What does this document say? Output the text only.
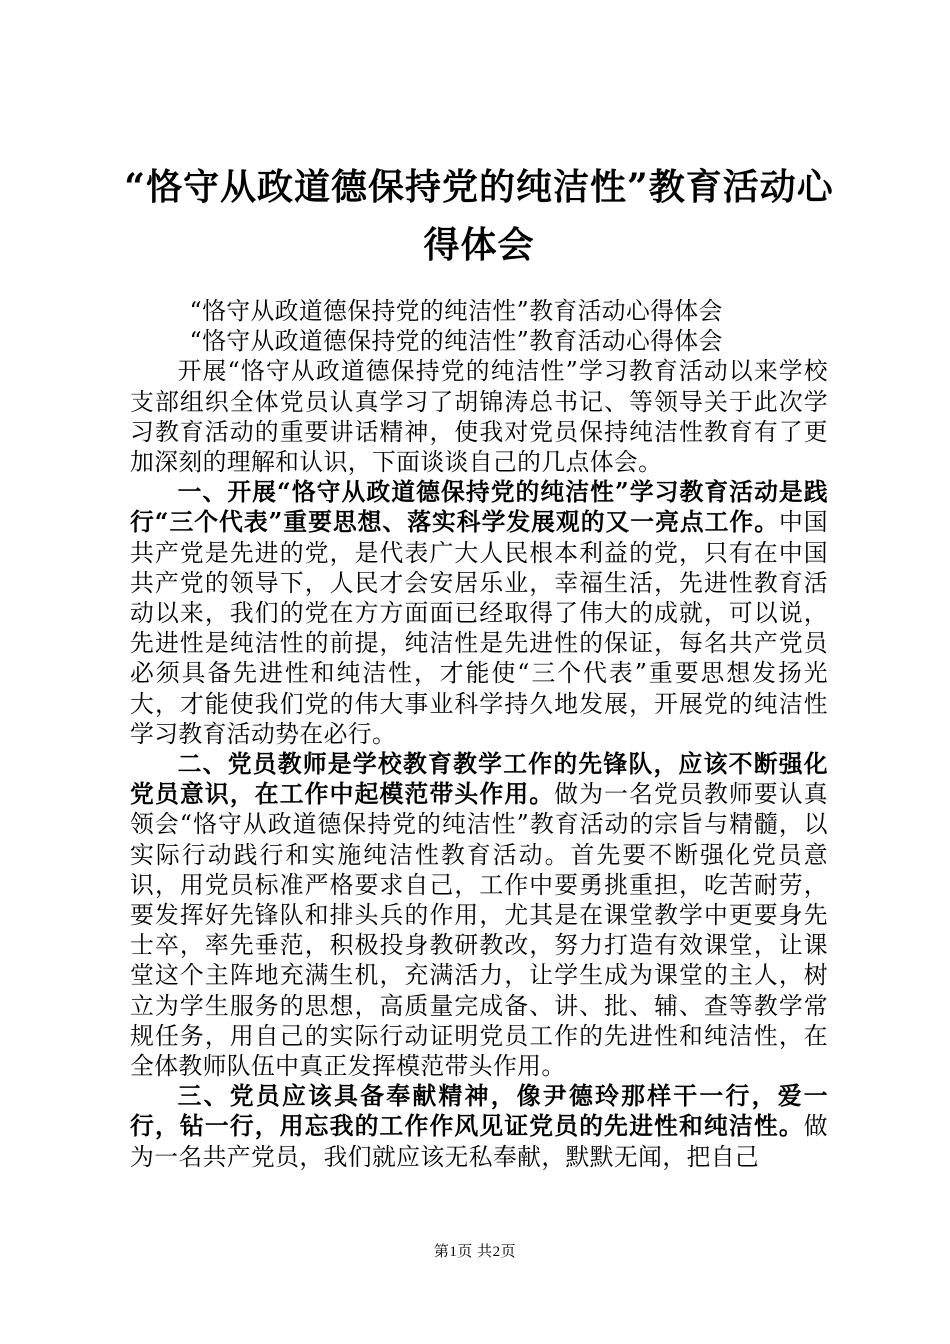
“恪守从政道德保持党的纯洁性”教育活动心得体会

“恪守从政道德保持党的纯洁性”教育活动心得体会

“恪守从政道德保持党的纯洁性”教育活动心得体会

开展“恪守从政道德保持党的纯洁性”学习教育活动以来学校支部组织全体党员认真学习了胡锦涛总书记、等领导关于此次学习教育活动的重要讲话精神，使我对党员保持纯洁性教育有了更加深刻的理解和认识，下面谈谈自己的几点体会。

一、开展“恪守从政道德保持党的纯洁性”学习教育活动是践行“三个代表”重要思想、落实科学发展观的又一亮点工作。中国共产党是先进的党，是代表广大人民根本利益的党，只有在中国共产党的领导下，人民才会安居乐业，幸福生活，先进性教育活动以来，我们的党在方方面面已经取得了伟大的成就，可以说，先进性是纯洁性的前提，纯洁性是先进性的保证，每名共产党员必须具备先进性和纯洁性，才能使“三个代表”重要思想发扬光大，才能使我们党的伟大事业科学持久地发展，开展党的纯洁性学习教育活动势在必行。

二、党员教师是学校教育教学工作的先锋队，应该不断强化党员意识，在工作中起模范带头作用。做为一名党员教师要认真领会“恪守从政道德保持党的纯洁性”教育活动的宗旨与精髓，以实际行动践行和实施纯洁性教育活动。首先要不断强化党员意识，用党员标准严格要求自己，工作中要勇挑重担，吃苦耐劳，要发挥好先锋队和排头兵的作用，尤其是在课堂教学中更要身先士卒，率先垂范，积极投身教研教改，努力打造有效课堂，让课堂这个主阵地充满生机，充满活力，让学生成为课堂的主人，树立为学生服务的思想，高质量完成备、讲、批、辅、查等教学常规任务，用自己的实际行动证明党员工作的先进性和纯洁性，在全体教师队伍中真正发挥模范带头作用。

三、党员应该具备奉献精神，像尹德玲那样干一行，爱一行，钻一行，用忘我的工作作风见证党员的先进性和纯洁性。做为一名共产党员，我们就应该无私奉献，默默无闻，把自己

第1页 共2页
